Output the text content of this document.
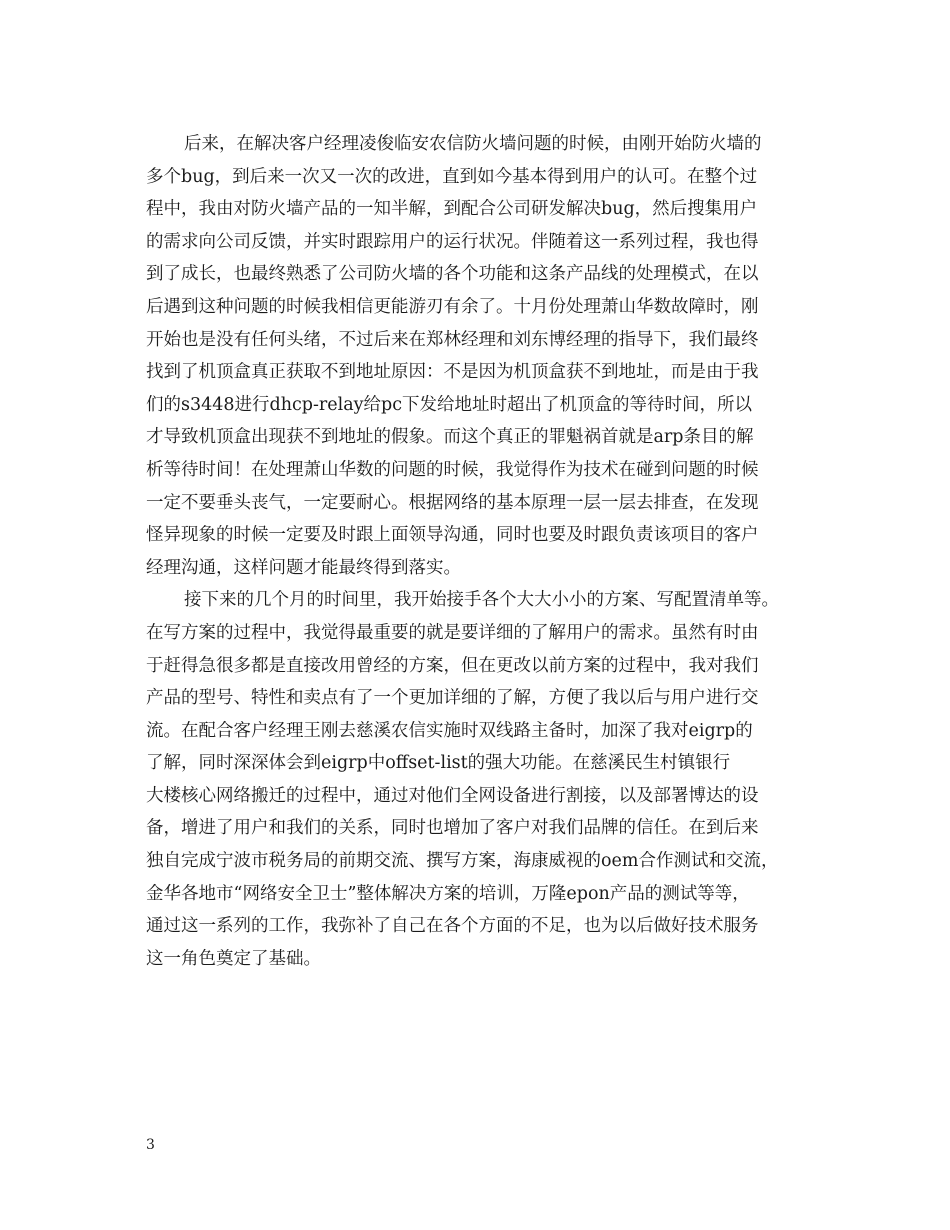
后来，在解决客户经理凌俊临安农信防火墙问题的时候，由刚开始防火墙的
多个bug，到后来一次又一次的改进，直到如今基本得到用户的认可。在整个过
程中，我由对防火墙产品的一知半解，到配合公司研发解决bug，然后搜集用户
的需求向公司反馈，并实时跟踪用户的运行状况。伴随着这一系列过程，我也得
到了成长，也最终熟悉了公司防火墙的各个功能和这条产品线的处理模式，在以
后遇到这种问题的时候我相信更能游刃有余了。十月份处理萧山华数故障时，刚
开始也是没有任何头绪，不过后来在郑林经理和刘东博经理的指导下，我们最终
找到了机顶盒真正获取不到地址原因：不是因为机顶盒获不到地址，而是由于我
们的s3448进行dhcp-relay给pc下发给地址时超出了机顶盒的等待时间，所以
才导致机顶盒出现获不到地址的假象。而这个真正的罪魁祸首就是arp条目的解
析等待时间！在处理萧山华数的问题的时候，我觉得作为技术在碰到问题的时候
一定不要垂头丧气，一定要耐心。根据网络的基本原理一层一层去排查，在发现
怪异现象的时候一定要及时跟上面领导沟通，同时也要及时跟负责该项目的客户
经理沟通，这样问题才能最终得到落实。
接下来的几个月的时间里，我开始接手各个大大小小的方案、写配置清单等。
在写方案的过程中，我觉得最重要的就是要详细的了解用户的需求。虽然有时由
于赶得急很多都是直接改用曾经的方案，但在更改以前方案的过程中，我对我们
产品的型号、特性和卖点有了一个更加详细的了解，方便了我以后与用户进行交
流。在配合客户经理王刚去慈溪农信实施时双线路主备时，加深了我对eigrp的
了解，同时深深体会到eigrp中offset-list的强大功能。在慈溪民生村镇银行
大楼核心网络搬迁的过程中，通过对他们全网设备进行割接，以及部署博达的设
备，增进了用户和我们的关系，同时也增加了客户对我们品牌的信任。在到后来
独自完成宁波市税务局的前期交流、撰写方案，海康威视的oem合作测试和交流，
金华各地市“网络安全卫士”整体解决方案的培训，万隆epon产品的测试等等，
通过这一系列的工作，我弥补了自己在各个方面的不足，也为以后做好技术服务
这一角色奠定了基础。
3
